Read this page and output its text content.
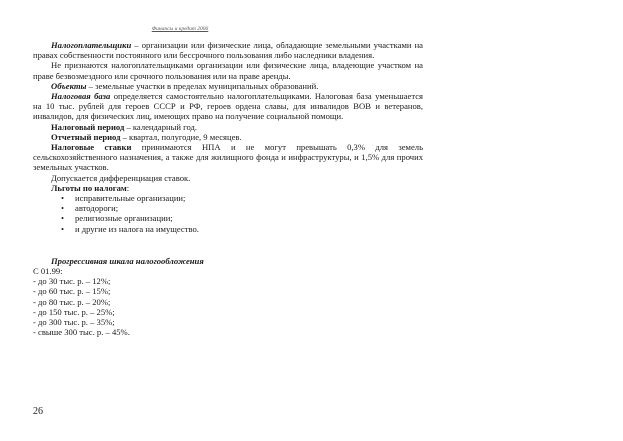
Финансы и кредит 2006

Налогоплательщики – организации или физические лица, обладающие земельными участками на правах собственности постоянного или бессрочного пользования либо наследники владения.

Не признаются налогоплательщиками организации или физические лица, владеющие участком на праве безвозмездного или срочного пользования или на праве аренды.

Объекты – земельные участки в пределах муниципальных образований.

Налоговая база определяется самостоятельно налогоплательщиками. Налоговая база уменьшается на 10 тыс. рублей для героев СССР и РФ, героев ордена славы, для инвалидов ВОВ и ветеранов, инвалидов, для физических лиц, имеющих право на получение социальной помощи.

Налоговый период – календарный год.

Отчетный период – квартал, полугодие, 9 месяцев.

Налоговые ставки принимаются НПА и не могут превышать 0,3% для земель сельскохозяйственного назначения, а также для жилищного фонда и инфраструктуры, и 1,5% для прочих земельных участков.

Допускается дифференциация ставок.

Льготы по налогам:

• исправительные организации;
• автодороги;
• религиозные организации;
• и другие из налога на имущество.

Прогрессивная шкала налогообложения

С 01.99:

- до 30 тыс. р. – 12%;

- до 60 тыс. р. – 15%;

- до 80 тыс. р. – 20%;

- до 150 тыс. р. – 25%;

- до 300 тыс. р. – 35%;

- свыше 300 тыс. р. – 45%.

26
